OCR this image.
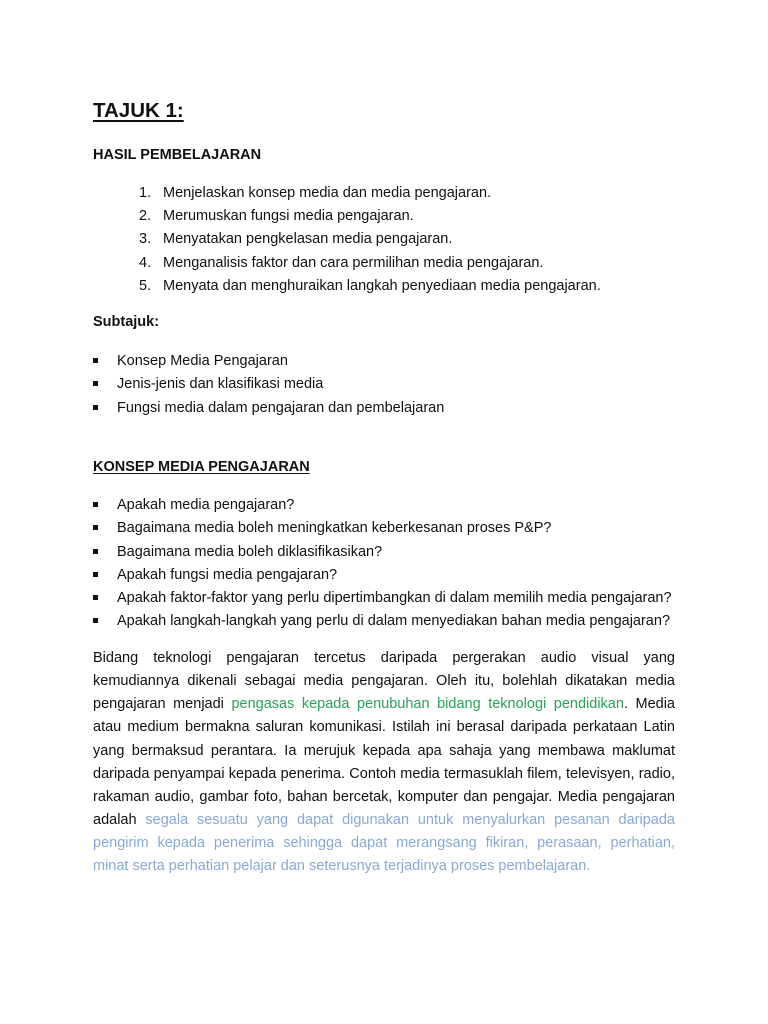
TAJUK 1:
HASIL PEMBELAJARAN
1. Menjelaskan konsep media dan media pengajaran.
2. Merumuskan fungsi media pengajaran.
3. Menyatakan pengkelasan media pengajaran.
4. Menganalisis faktor dan cara permilihan media pengajaran.
5. Menyata dan menghuraikan langkah penyediaan media pengajaran.
Subtajuk:
Konsep Media Pengajaran
Jenis-jenis dan klasifikasi media
Fungsi media dalam pengajaran dan pembelajaran
KONSEP MEDIA PENGAJARAN
Apakah media pengajaran?
Bagaimana media boleh meningkatkan keberkesanan proses P&P?
Bagaimana media boleh diklasifikasikan?
Apakah fungsi media pengajaran?
Apakah faktor-faktor yang perlu dipertimbangkan di dalam memilih media pengajaran?
Apakah langkah-langkah yang perlu di dalam menyediakan bahan media pengajaran?

Bidang teknologi pengajaran tercetus daripada pergerakan audio visual yang kemudiannya dikenali sebagai media pengajaran. Oleh itu, bolehlah dikatakan media pengajaran menjadi pengasas kepada penubuhan bidang teknologi pendidikan. Media atau medium bermakna saluran komunikasi. Istilah ini berasal daripada perkataan Latin yang bermaksud perantara. Ia merujuk kepada apa sahaja yang membawa maklumat daripada penyampai kepada penerima. Contoh media termasuklah filem, televisyen, radio, rakaman audio, gambar foto, bahan bercetak, komputer dan pengajar. Media pengajaran adalah segala sesuatu yang dapat digunakan untuk menyalurkan pesanan daripada pengirim kepada penerima sehingga dapat merangsang fikiran, perasaan, perhatian, minat serta perhatian pelajar dan seterusnya terjadinya proses pembelajaran.
